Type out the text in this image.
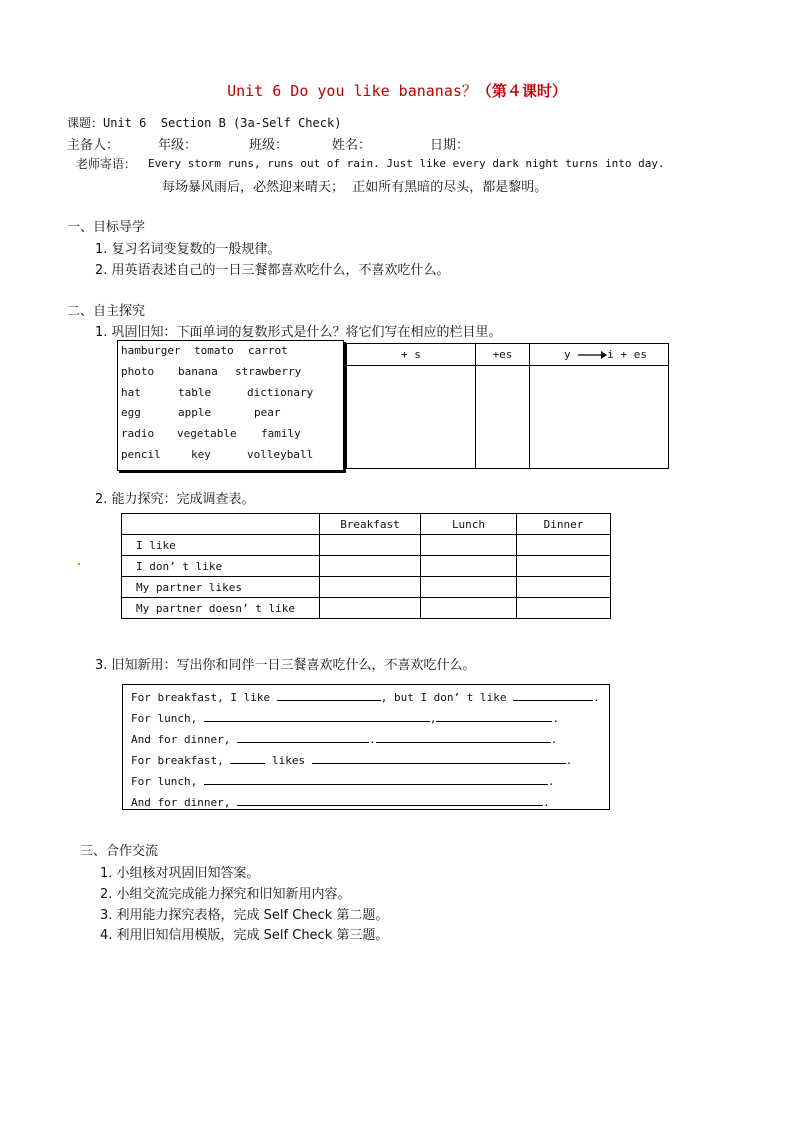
Unit 6 Do you like bananas？（第４课时）
课题：Unit 6  Section B (3a-Self Check)
主备人：	年级：	班级：	姓名：	日期：
老师寄语： Every storm runs, runs out of rain. Just like every dark night turns into day.
每场暴风雨后，必然迎来晴天；  正如所有黑暗的尽头，都是黎明。
一、目标导学
1. 复习名词变复数的一般规律。
2. 用英语表述自己的一日三餐都喜欢吃什么，不喜欢吃什么。
二、自主探究
1. 巩固旧知：下面单词的复数形式是什么？将它们写在相应的栏目里。
hamburger tomato carrot
photo banana strawberry
hat	table	dictionary
egg	apple	pear
radio vegetable family
pencil	key	volleyball
+ s	+es	y i + es

2. 能力探究：完成调查表。
	Breakfast	Lunch	Dinner
I like			
I don’ t like			
My partner likes			
My partner doesn’ t like			
3. 旧知新用：写出你和同伴一日三餐喜欢吃什么，不喜欢吃什么。
For breakfast, I like	, but I don’ t like	.
For lunch,	,	.
And for dinner,	.	.
For breakfast,	likes	.
For lunch,	.
And for dinner,	.
三、合作交流
1. 小组核对巩固旧知答案。
2. 小组交流完成能力探究和旧知新用内容。
3. 利用能力探究表格，完成 Self Check 第二题。
4. 利用旧知信用模版，完成 Self Check 第三题。
